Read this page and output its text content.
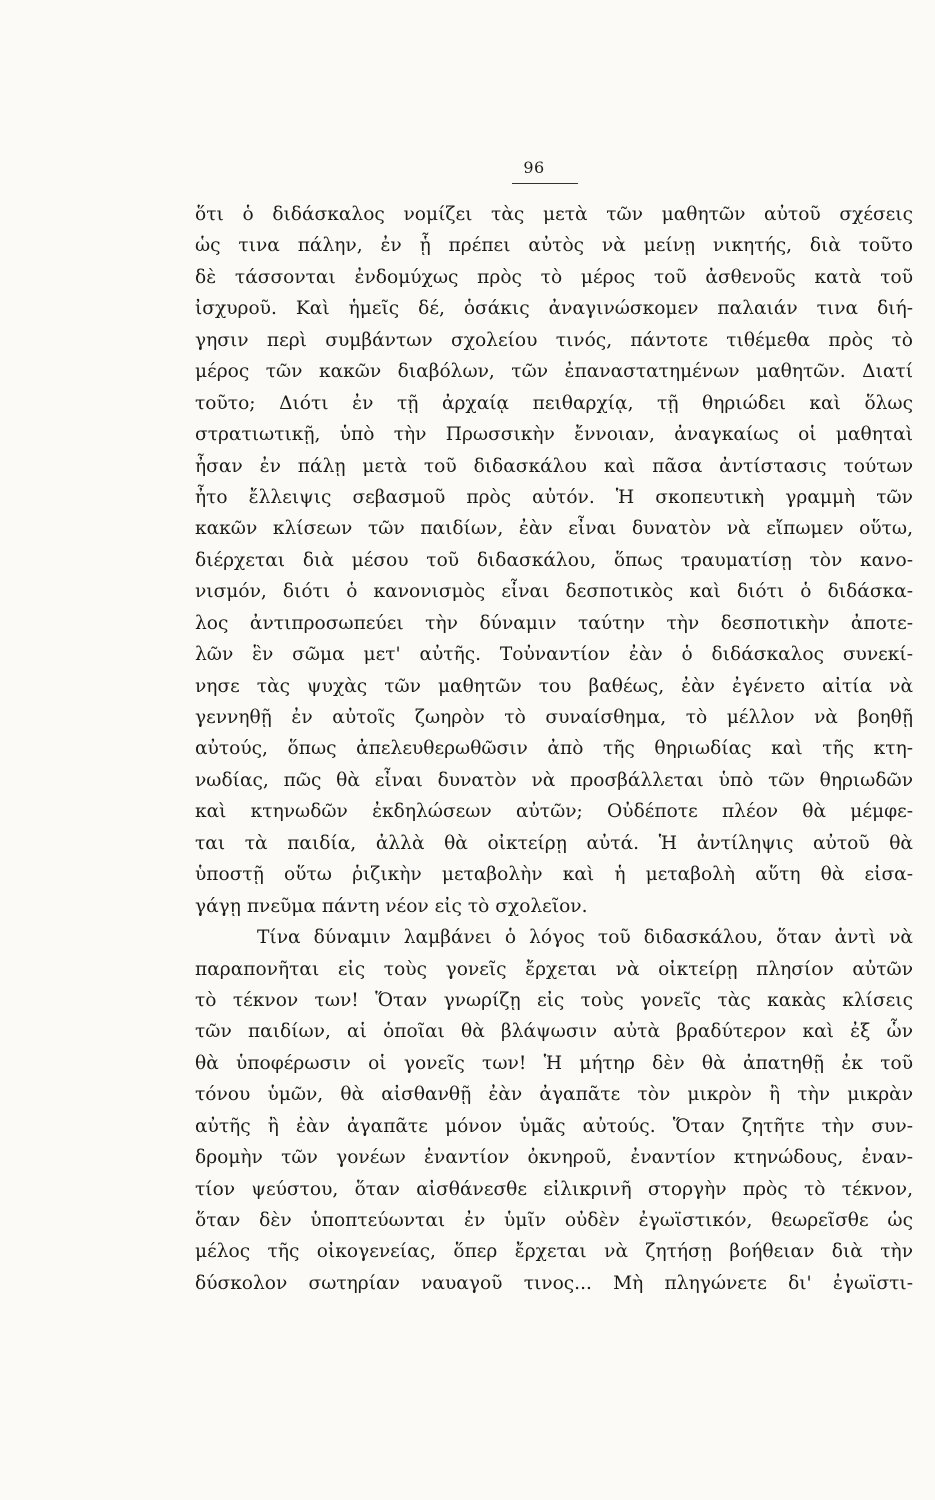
96
ὅτι ὁ διδάσκαλος νομίζει τὰς μετὰ τῶν μαθητῶν αὐτοῦ σχέσεις
ὡς τινα πάλην, ἐν ᾗ πρέπει αὐτὸς νὰ μείνῃ νικητής, διὰ τοῦτο
δὲ τάσσονται ἐνδομύχως πρὸς τὸ μέρος τοῦ ἀσθενοῦς κατὰ τοῦ
ἰσχυροῦ. Καὶ ἡμεῖς δέ, ὁσάκις ἀναγινώσκομεν παλαιάν τινα διή-
γησιν περὶ συμβάντων σχολείου τινός, πάντοτε τιθέμεθα πρὸς τὸ
μέρος τῶν κακῶν διαβόλων, τῶν ἐπαναστατημένων μαθητῶν. Διατί
τοῦτο; Διότι ἐν τῇ ἀρχαίᾳ πειθαρχίᾳ, τῇ θηριώδει καὶ ὅλως
στρατιωτικῇ, ὑπὸ τὴν Πρωσσικὴν ἔννοιαν, ἀναγκαίως οἱ μαθηταὶ
ἦσαν ἐν πάλῃ μετὰ τοῦ διδασκάλου καὶ πᾶσα ἀντίστασις τούτων
ἦτο ἔλλειψις σεβασμοῦ πρὸς αὐτόν. Ἡ σκοπευτικὴ γραμμὴ τῶν
κακῶν κλίσεων τῶν παιδίων, ἐὰν εἶναι δυνατὸν νὰ εἴπωμεν οὕτω,
διέρχεται διὰ μέσου τοῦ διδασκάλου, ὅπως τραυματίσῃ τὸν κανο-
νισμόν, διότι ὁ κανονισμὸς εἶναι δεσποτικὸς καὶ διότι ὁ διδάσκα-
λος ἀντιπροσωπεύει τὴν δύναμιν ταύτην τὴν δεσποτικὴν ἀποτε-
λῶν ἓν σῶμα μετ' αὐτῆς. Τοὐναντίον ἐὰν ὁ διδάσκαλος συνεκί-
νησε τὰς ψυχὰς τῶν μαθητῶν του βαθέως, ἐὰν ἐγένετο αἰτία νὰ
γεννηθῇ ἐν αὐτοῖς ζωηρὸν τὸ συναίσθημα, τὸ μέλλον νὰ βοηθῇ
αὐτούς, ὅπως ἀπελευθερωθῶσιν ἀπὸ τῆς θηριωδίας καὶ τῆς κτη-
νωδίας, πῶς θὰ εἶναι δυνατὸν νὰ προσβάλλεται ὑπὸ τῶν θηριωδῶν
καὶ κτηνωδῶν ἐκδηλώσεων αὐτῶν; Οὐδέποτε πλέον θὰ μέμφε-
ται τὰ παιδία, ἀλλὰ θὰ οἰκτείρῃ αὐτά. Ἡ ἀντίληψις αὐτοῦ θὰ
ὑποστῇ οὕτω ῥιζικὴν μεταβολὴν καὶ ἡ μεταβολὴ αὕτη θὰ εἰσα-
γάγῃ πνεῦμα πάντη νέον εἰς τὸ σχολεῖον.
Τίνα δύναμιν λαμβάνει ὁ λόγος τοῦ διδασκάλου, ὅταν ἀντὶ νὰ
παραπονῆται εἰς τοὺς γονεῖς ἔρχεται νὰ οἰκτείρῃ πλησίον αὐτῶν
τὸ τέκνον των! Ὅταν γνωρίζῃ εἰς τοὺς γονεῖς τὰς κακὰς κλίσεις
τῶν παιδίων, αἱ ὁποῖαι θὰ βλάψωσιν αὐτὰ βραδύτερον καὶ ἐξ ὧν
θὰ ὑποφέρωσιν οἱ γονεῖς των! Ἡ μήτηρ δὲν θὰ ἀπατηθῇ ἐκ τοῦ
τόνου ὑμῶν, θὰ αἰσθανθῇ ἐὰν ἀγαπᾶτε τὸν μικρὸν ἢ τὴν μικρὰν
αὐτῆς ἢ ἐὰν ἀγαπᾶτε μόνον ὑμᾶς αὐτούς. Ὅταν ζητῆτε τὴν συν-
δρομὴν τῶν γονέων ἐναντίον ὀκνηροῦ, ἐναντίον κτηνώδους, ἐναν-
τίον ψεύστου, ὅταν αἰσθάνεσθε εἰλικρινῆ στοργὴν πρὸς τὸ τέκνον,
ὅταν δὲν ὑποπτεύωνται ἐν ὑμῖν οὐδὲν ἐγωϊστικόν, θεωρεῖσθε ὡς
μέλος τῆς οἰκογενείας, ὅπερ ἔρχεται νὰ ζητήσῃ βοήθειαν διὰ τὴν
δύσκολον σωτηρίαν ναυαγοῦ τινος... Μὴ πληγώνετε δι' ἐγωϊστι-
